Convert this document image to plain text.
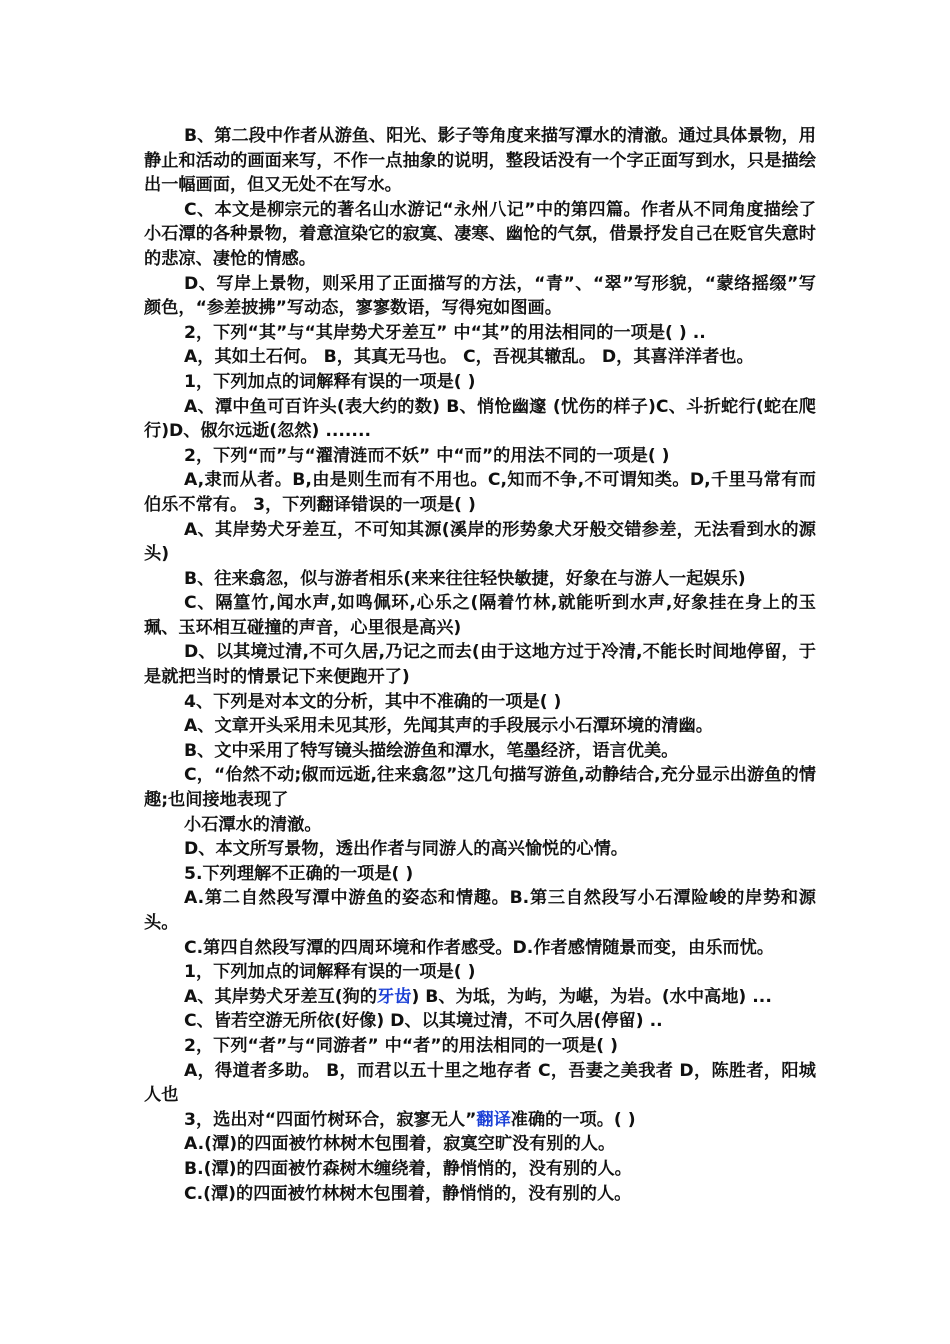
B、第二段中作者从游鱼、阳光、影子等角度来描写潭水的清澈。通过具体景物，用静止和活动的画面来写，不作一点抽象的说明，整段话没有一个字正面写到水，只是描绘出一幅画面，但又无处不在写水。

C、本文是柳宗元的著名山水游记“永州八记”中的第四篇。作者从不同角度描绘了小石潭的各种景物，着意渲染它的寂寞、凄寒、幽怆的气氛，借景抒发自己在贬官失意时的悲凉、凄怆的情感。

D、写岸上景物，则采用了正面描写的方法，“青”、“翠”写形貌，“蒙络摇缀”写颜色，“参差披拂”写动态，寥寥数语，写得宛如图画。

2，下列“其”与“其岸势犬牙差互” 中“其”的用法相同的一项是( ) ..

A，其如土石何。 B，其真无马也。 C，吾视其辙乱。 D，其喜洋洋者也。

1，下列加点的词解释有误的一项是( )

A、潭中鱼可百许头(表大约的数) B、悄怆幽邃 (忧伤的样子)C、斗折蛇行(蛇在爬行)D、俶尔远逝(忽然) .......

2，下列“而”与“濯清涟而不妖” 中“而”的用法不同的一项是( )

A,隶而从者。B,由是则生而有不用也。C,知而不争,不可谓知类。D,千里马常有而伯乐不常有。 3，下列翻译错误的一项是( )

A、其岸势犬牙差互，不可知其源(溪岸的形势象犬牙般交错参差，无法看到水的源头)

B、往来翕忽，似与游者相乐(来来往往轻快敏捷，好象在与游人一起娱乐)

C、隔篁竹,闻水声,如鸣佩环,心乐之(隔着竹林,就能听到水声,好象挂在身上的玉珮、玉环相互碰撞的声音，心里很是高兴)

D、以其境过清,不可久居,乃记之而去(由于这地方过于冷清,不能长时间地停留，于是就把当时的情景记下来便跑开了)

4、下列是对本文的分析，其中不准确的一项是( )

A、文章开头采用未见其形，先闻其声的手段展示小石潭环境的清幽。

B、文中采用了特写镜头描绘游鱼和潭水，笔墨经济，语言优美。

C，“佁然不动;俶而远逝,往来翕忽”这几句描写游鱼,动静结合,充分显示出游鱼的情趣;也间接地表现了

小石潭水的清澈。

D、本文所写景物，透出作者与同游人的高兴愉悦的心情。

5.下列理解不正确的一项是( )

A.第二自然段写潭中游鱼的姿态和情趣。B.第三自然段写小石潭险峻的岸势和源头。

C.第四自然段写潭的四周环境和作者感受。D.作者感情随景而变，由乐而忧。

1，下列加点的词解释有误的一项是( )

A、其岸势犬牙差互(狗的牙齿) B、为坻，为屿，为嵁，为岩。(水中高地) ...

C、皆若空游无所依(好像) D、以其境过清，不可久居(停留) ..

2，下列“者”与“同游者” 中“者”的用法相同的一项是( )

A，得道者多助。 B，而君以五十里之地存者 C，吾妻之美我者 D，陈胜者，阳城人也

3，选出对“四面竹树环合，寂寥无人”翻译准确的一项。( )

A.(潭)的四面被竹林树木包围着，寂寞空旷没有别的人。

B.(潭)的四面被竹森树木缠绕着，静悄悄的，没有别的人。

C.(潭)的四面被竹林树木包围着，静悄悄的，没有别的人。
